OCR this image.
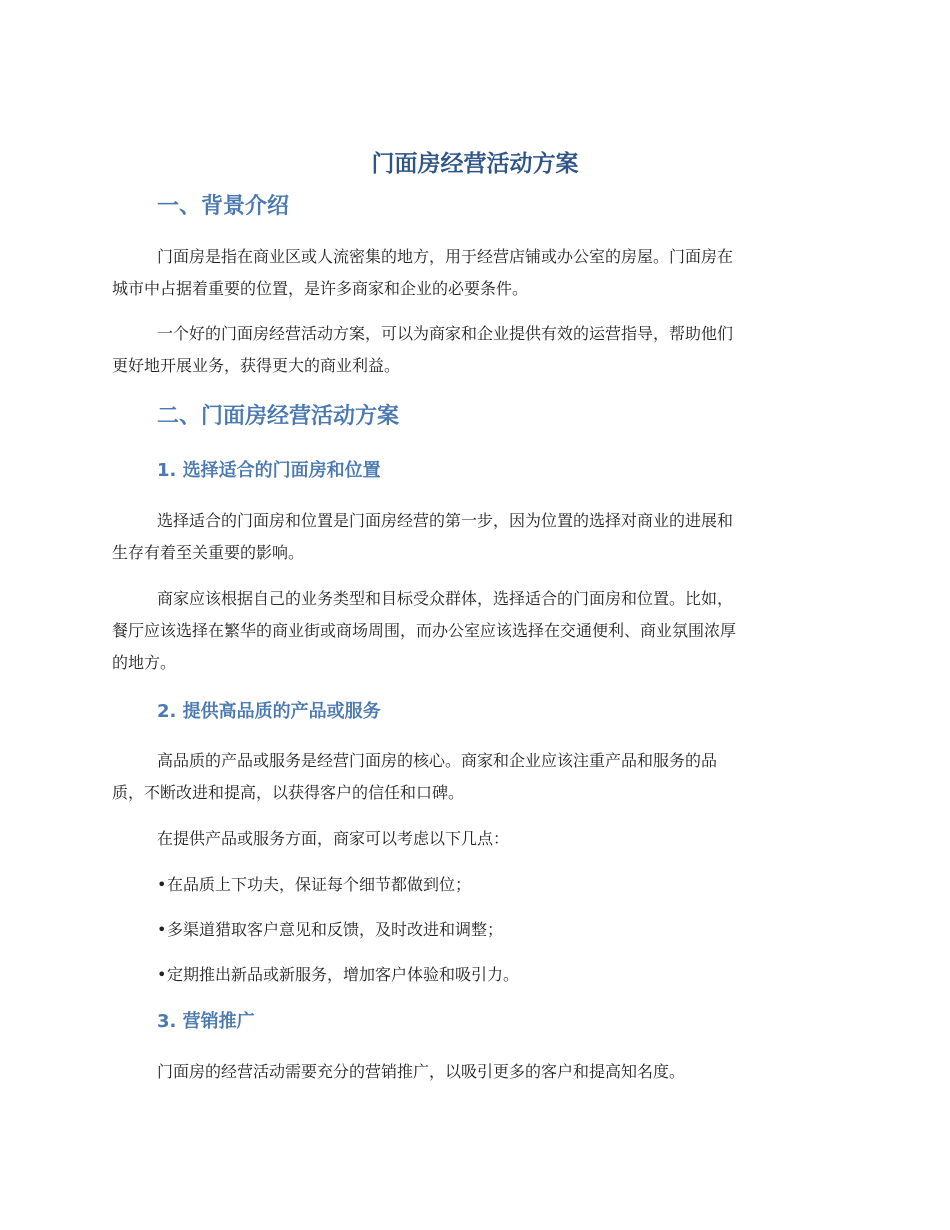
门面房经营活动方案
一、背景介绍

门面房是指在商业区或人流密集的地方，用于经营店铺或办公室的房屋。门面房在
城市中占据着重要的位置，是许多商家和企业的必要条件。

一个好的门面房经营活动方案，可以为商家和企业提供有效的运营指导，帮助他们
更好地开展业务，获得更大的商业利益。

二、门面房经营活动方案
1. 选择适合的门面房和位置

选择适合的门面房和位置是门面房经营的第一步，因为位置的选择对商业的进展和
生存有着至关重要的影响。

商家应该根据自己的业务类型和目标受众群体，选择适合的门面房和位置。比如，
餐厅应该选择在繁华的商业街或商场周围，而办公室应该选择在交通便利、商业氛围浓厚
的地方。

2. 提供高品质的产品或服务

高品质的产品或服务是经营门面房的核心。商家和企业应该注重产品和服务的品
质，不断改进和提高，以获得客户的信任和口碑。

在提供产品或服务方面，商家可以考虑以下几点：

•在品质上下功夫，保证每个细节都做到位；

•多渠道猎取客户意见和反馈，及时改进和调整；

•定期推出新品或新服务，增加客户体验和吸引力。

3. 营销推广

门面房的经营活动需要充分的营销推广，以吸引更多的客户和提高知名度。
